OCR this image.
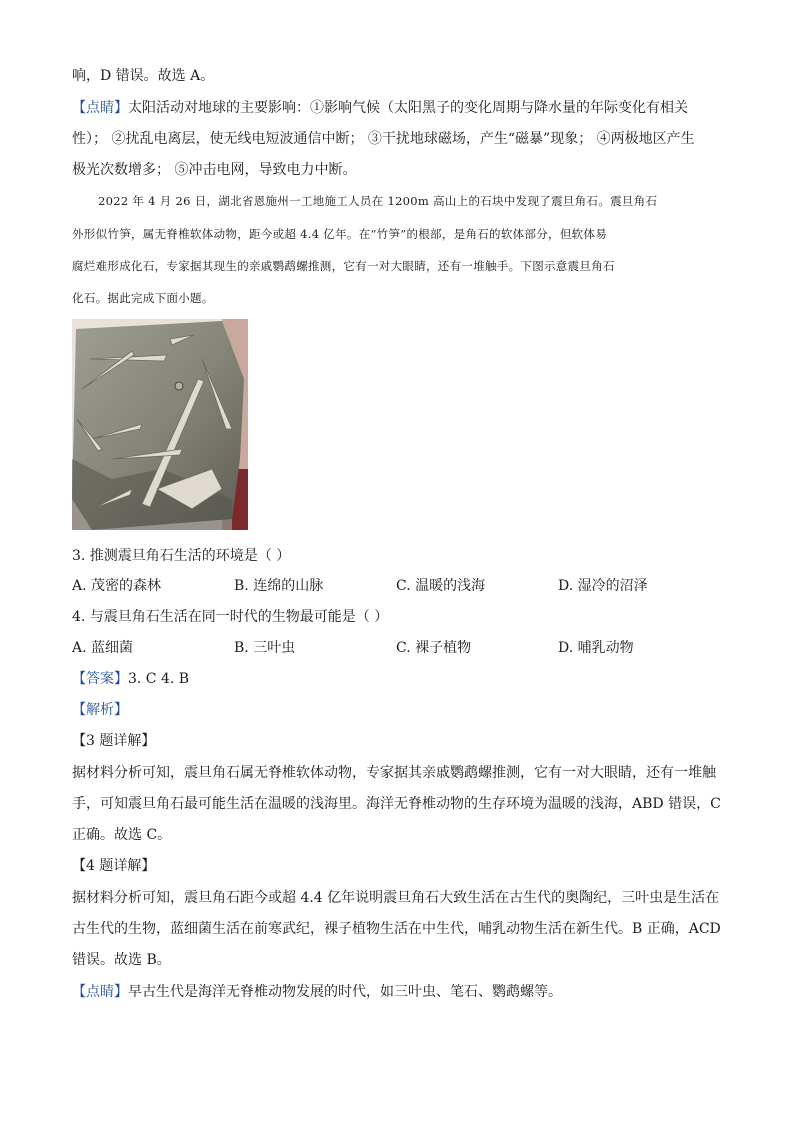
响，D 错误。故选 A。
【点睛】太阳活动对地球的主要影响：①影响气候（太阳黑子的变化周期与降水量的年际变化有相关
性）； ②扰乱电离层，使无线电短波通信中断； ③干扰地球磁场，产生“磁暴”现象； ④两极地区产生
极光次数增多； ⑤冲击电网，导致电力中断。
2022 年 4 月 26 日，湖北省恩施州一工地施工人员在 1200m 高山上的石块中发现了震旦角石。震旦角石
外形似竹笋，属无脊椎软体动物，距今或超 4.4 亿年。在“竹笋”的根部，是角石的软体部分，但软体易
腐烂难形成化石，专家据其现生的亲戚鹦鹉螺推测，它有一对大眼睛，还有一堆触手。下图示意震旦角石
化石。据此完成下面小题。
3. 推测震旦角石生活的环境是（ ）
A. 茂密的森林	B. 连绵的山脉	C. 温暖的浅海	D. 湿冷的沼泽
4. 与震旦角石生活在同一时代的生物最可能是（ ）
A. 蓝细菌	B. 三叶虫	C. 裸子植物	D. 哺乳动物
【答案】3. C 4. B
【解析】
【3 题详解】
据材料分析可知，震旦角石属无脊椎软体动物，专家据其亲戚鹦鹉螺推测，它有一对大眼睛，还有一堆触
手，可知震旦角石最可能生活在温暖的浅海里。海洋无脊椎动物的生存环境为温暖的浅海，ABD 错误，C
正确。故选 C。
【4 题详解】
据材料分析可知，震旦角石距今或超 4.4 亿年说明震旦角石大致生活在古生代的奥陶纪，三叶虫是生活在
古生代的生物，蓝细菌生活在前寒武纪，裸子植物生活在中生代，哺乳动物生活在新生代。B 正确，ACD
错误。故选 B。
【点睛】早古生代是海洋无脊椎动物发展的时代，如三叶虫、笔石、鹦鹉螺等。
